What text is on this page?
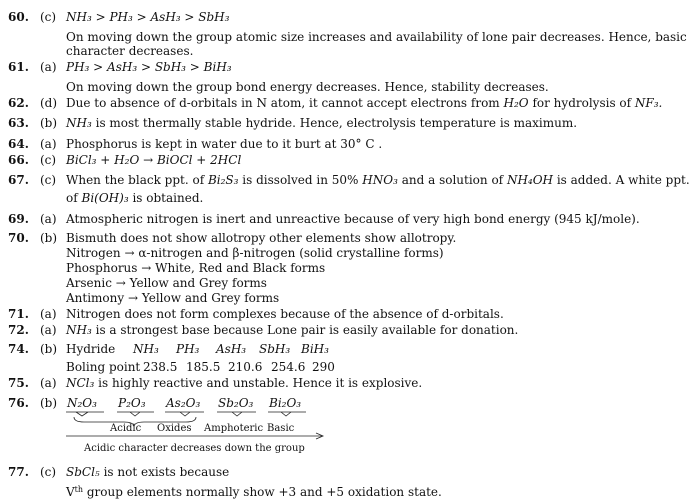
60. (c) NH₃ > PH₃ > AsH₃ > SbH₃
On moving down the group atomic size increases and availability of lone pair decreases. Hence, basic
character decreases.
61. (a) PH₃ > AsH₃ > SbH₃ > BiH₃
On moving down the group bond energy decreases. Hence, stability decreases.
62. (d) Due to absence of d-orbitals in N atom, it cannot accept electrons from H₂O for hydrolysis of NF₃.
63. (b) NH₃ is most thermally stable hydride. Hence, electrolysis temperature is maximum.
64. (a) Phosphorus is kept in water due to it burt at 30° C .
66. (c) BiCl₃ + H₂O → BiOCl + 2HCl
67. (c) When the black ppt. of Bi₂S₃ is dissolved in 50% HNO₃ and a solution of NH₄OH is added. A white ppt.
of Bi(OH)₃ is obtained.
69. (a) Atmospheric nitrogen is inert and unreactive because of very high bond energy (945 kJ/mole).
70. (b) Bismuth does not show allotropy other elements show allotropy.
Nitrogen → α-nitrogen and β-nitrogen (solid crystalline forms)
Phosphorus → White, Red and Black forms
Arsenic → Yellow and Grey forms
Antimony → Yellow and Grey forms
71. (a) Nitrogen does not form complexes because of the absence of d-orbitals.
72. (a) NH₃ is a strongest base because Lone pair is easily available for donation.
74. (b) Hydride NH₃ PH₃ AsH₃ SbH₃ BiH₃
Boling point 238.5 185.5 210.6 254.6 290
75. (a) NCl₃ is highly reactive and unstable. Hence it is explosive.
76. (b) N₂O₃ P₂O₃ As₂O₃ Sb₂O₃ Bi₂O₃
Acidic Oxides Amphoteric Basic
Acidic character decreases down the group
77. (c) SbCl₅ is not exists because
Vth group elements normally show +3 and +5 oxidation state.
